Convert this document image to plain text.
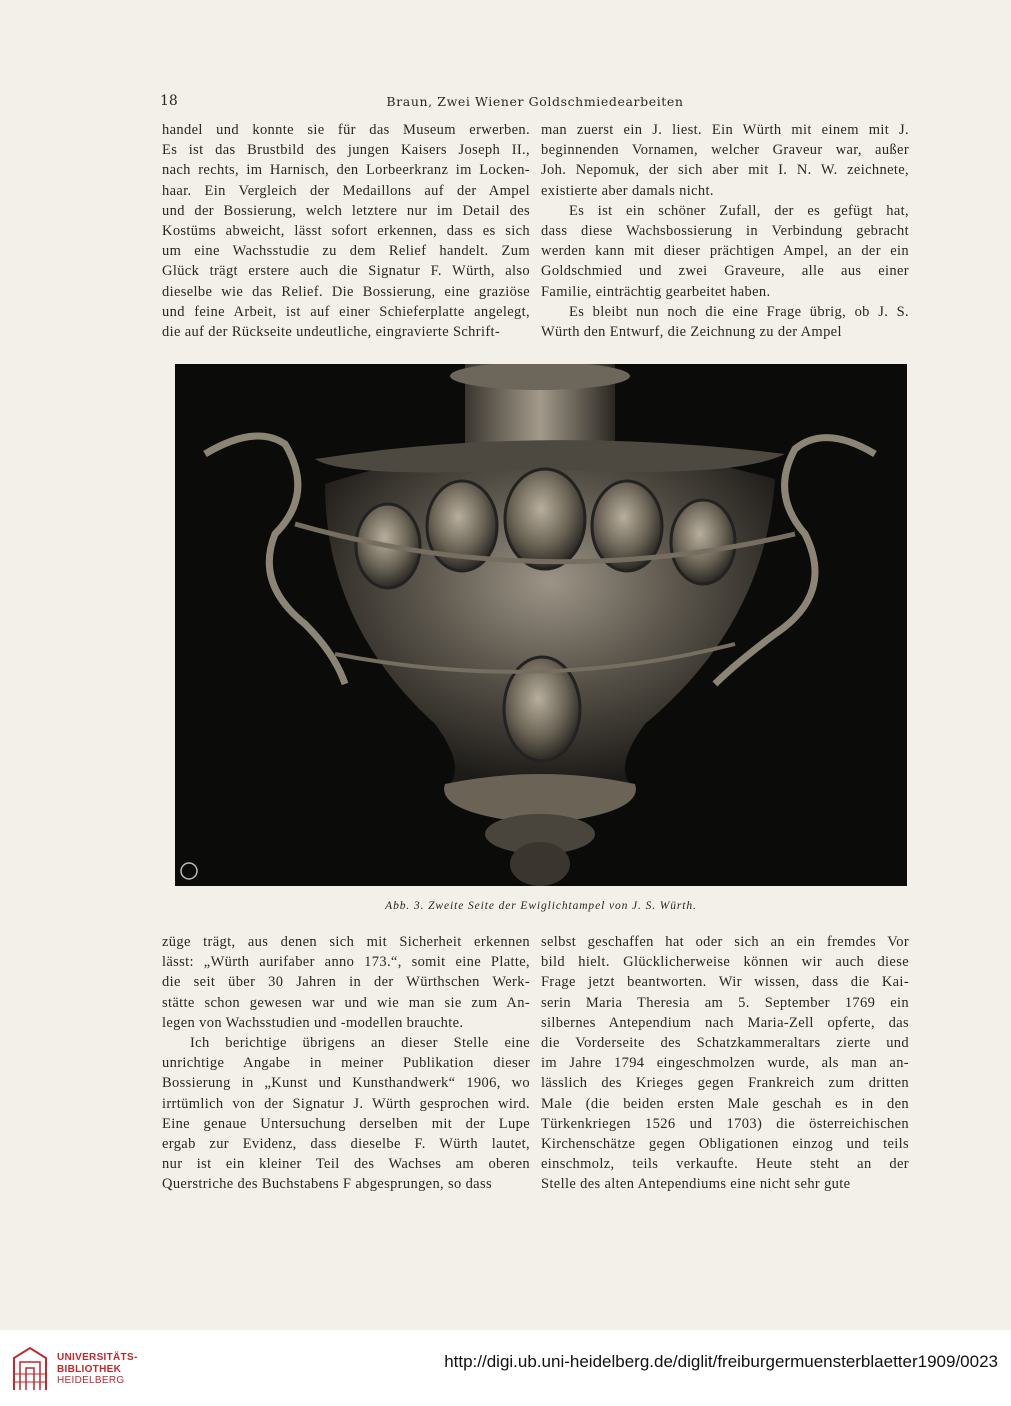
18	Braun, Zwei Wiener Goldschmiedearbeiten

handel und konnte sie für das Museum erwerben.
Es ist das Brustbild des jungen Kaisers Joseph II.,
nach rechts, im Harnisch, den Lorbeerkranz im Locken-
haar. Ein Vergleich der Medaillons auf der Ampel
und der Bossierung, welch letztere nur im Detail des
Kostüms abweicht, lässt sofort erkennen, dass es sich
um eine Wachsstudie zu dem Relief handelt. Zum
Glück trägt erstere auch die Signatur F. Würth, also
dieselbe wie das Relief. Die Bossierung, eine graziöse
und feine Arbeit, ist auf einer Schieferplatte angelegt,
die auf der Rückseite undeutliche, eingravierte Schrift-

man zuerst ein J. liest. Ein Würth mit einem mit J.
beginnenden Vornamen, welcher Graveur war, außer
Joh. Nepomuk, der sich aber mit I. N. W. zeichnete,
existierte aber damals nicht.

Es ist ein schöner Zufall, der es gefügt hat,
dass diese Wachsbossierung in Verbindung gebracht
werden kann mit dieser prächtigen Ampel, an der ein
Goldschmied und zwei Graveure, alle aus einer
Familie, einträchtig gearbeitet haben.

Es bleibt nun noch die eine Frage übrig, ob J. S.
Würth den Entwurf, die Zeichnung zu der Ampel

Abb. 3. Zweite Seite der Ewiglichtampel von J. S. Würth.

züge trägt, aus denen sich mit Sicherheit erkennen
lässt: „Würth aurifaber anno 173.“, somit eine Platte,
die seit über 30 Jahren in der Würthschen Werk-
stätte schon gewesen war und wie man sie zum An-
legen von Wachsstudien und -modellen brauchte.

Ich berichtige übrigens an dieser Stelle eine
unrichtige Angabe in meiner Publikation dieser
Bossierung in „Kunst und Kunsthandwerk“ 1906, wo
irrtümlich von der Signatur J. Würth gesprochen wird.
Eine genaue Untersuchung derselben mit der Lupe
ergab zur Evidenz, dass dieselbe F. Würth lautet,
nur ist ein kleiner Teil des Wachses am oberen
Querstriche des Buchstabens F abgesprungen, so dass

selbst geschaffen hat oder sich an ein fremdes Vor
bild hielt. Glücklicherweise können wir auch diese
Frage jetzt beantworten. Wir wissen, dass die Kai-
serin Maria Theresia am 5. September 1769 ein
silbernes Antependium nach Maria-Zell opferte, das
die Vorderseite des Schatzkammeraltars zierte und
im Jahre 1794 eingeschmolzen wurde, als man an-
lässlich des Krieges gegen Frankreich zum dritten
Male (die beiden ersten Male geschah es in den
Türkenkriegen 1526 und 1703) die österreichischen
Kirchenschätze gegen Obligationen einzog und teils
einschmolz, teils verkaufte. Heute steht an der
Stelle des alten Antependiums eine nicht sehr gute

UNIVERSITÄTS-
BIBLIOTHEK
HEIDELBERG
http://digi.ub.uni-heidelberg.de/diglit/freiburgermuensterblaetter1909/0023
